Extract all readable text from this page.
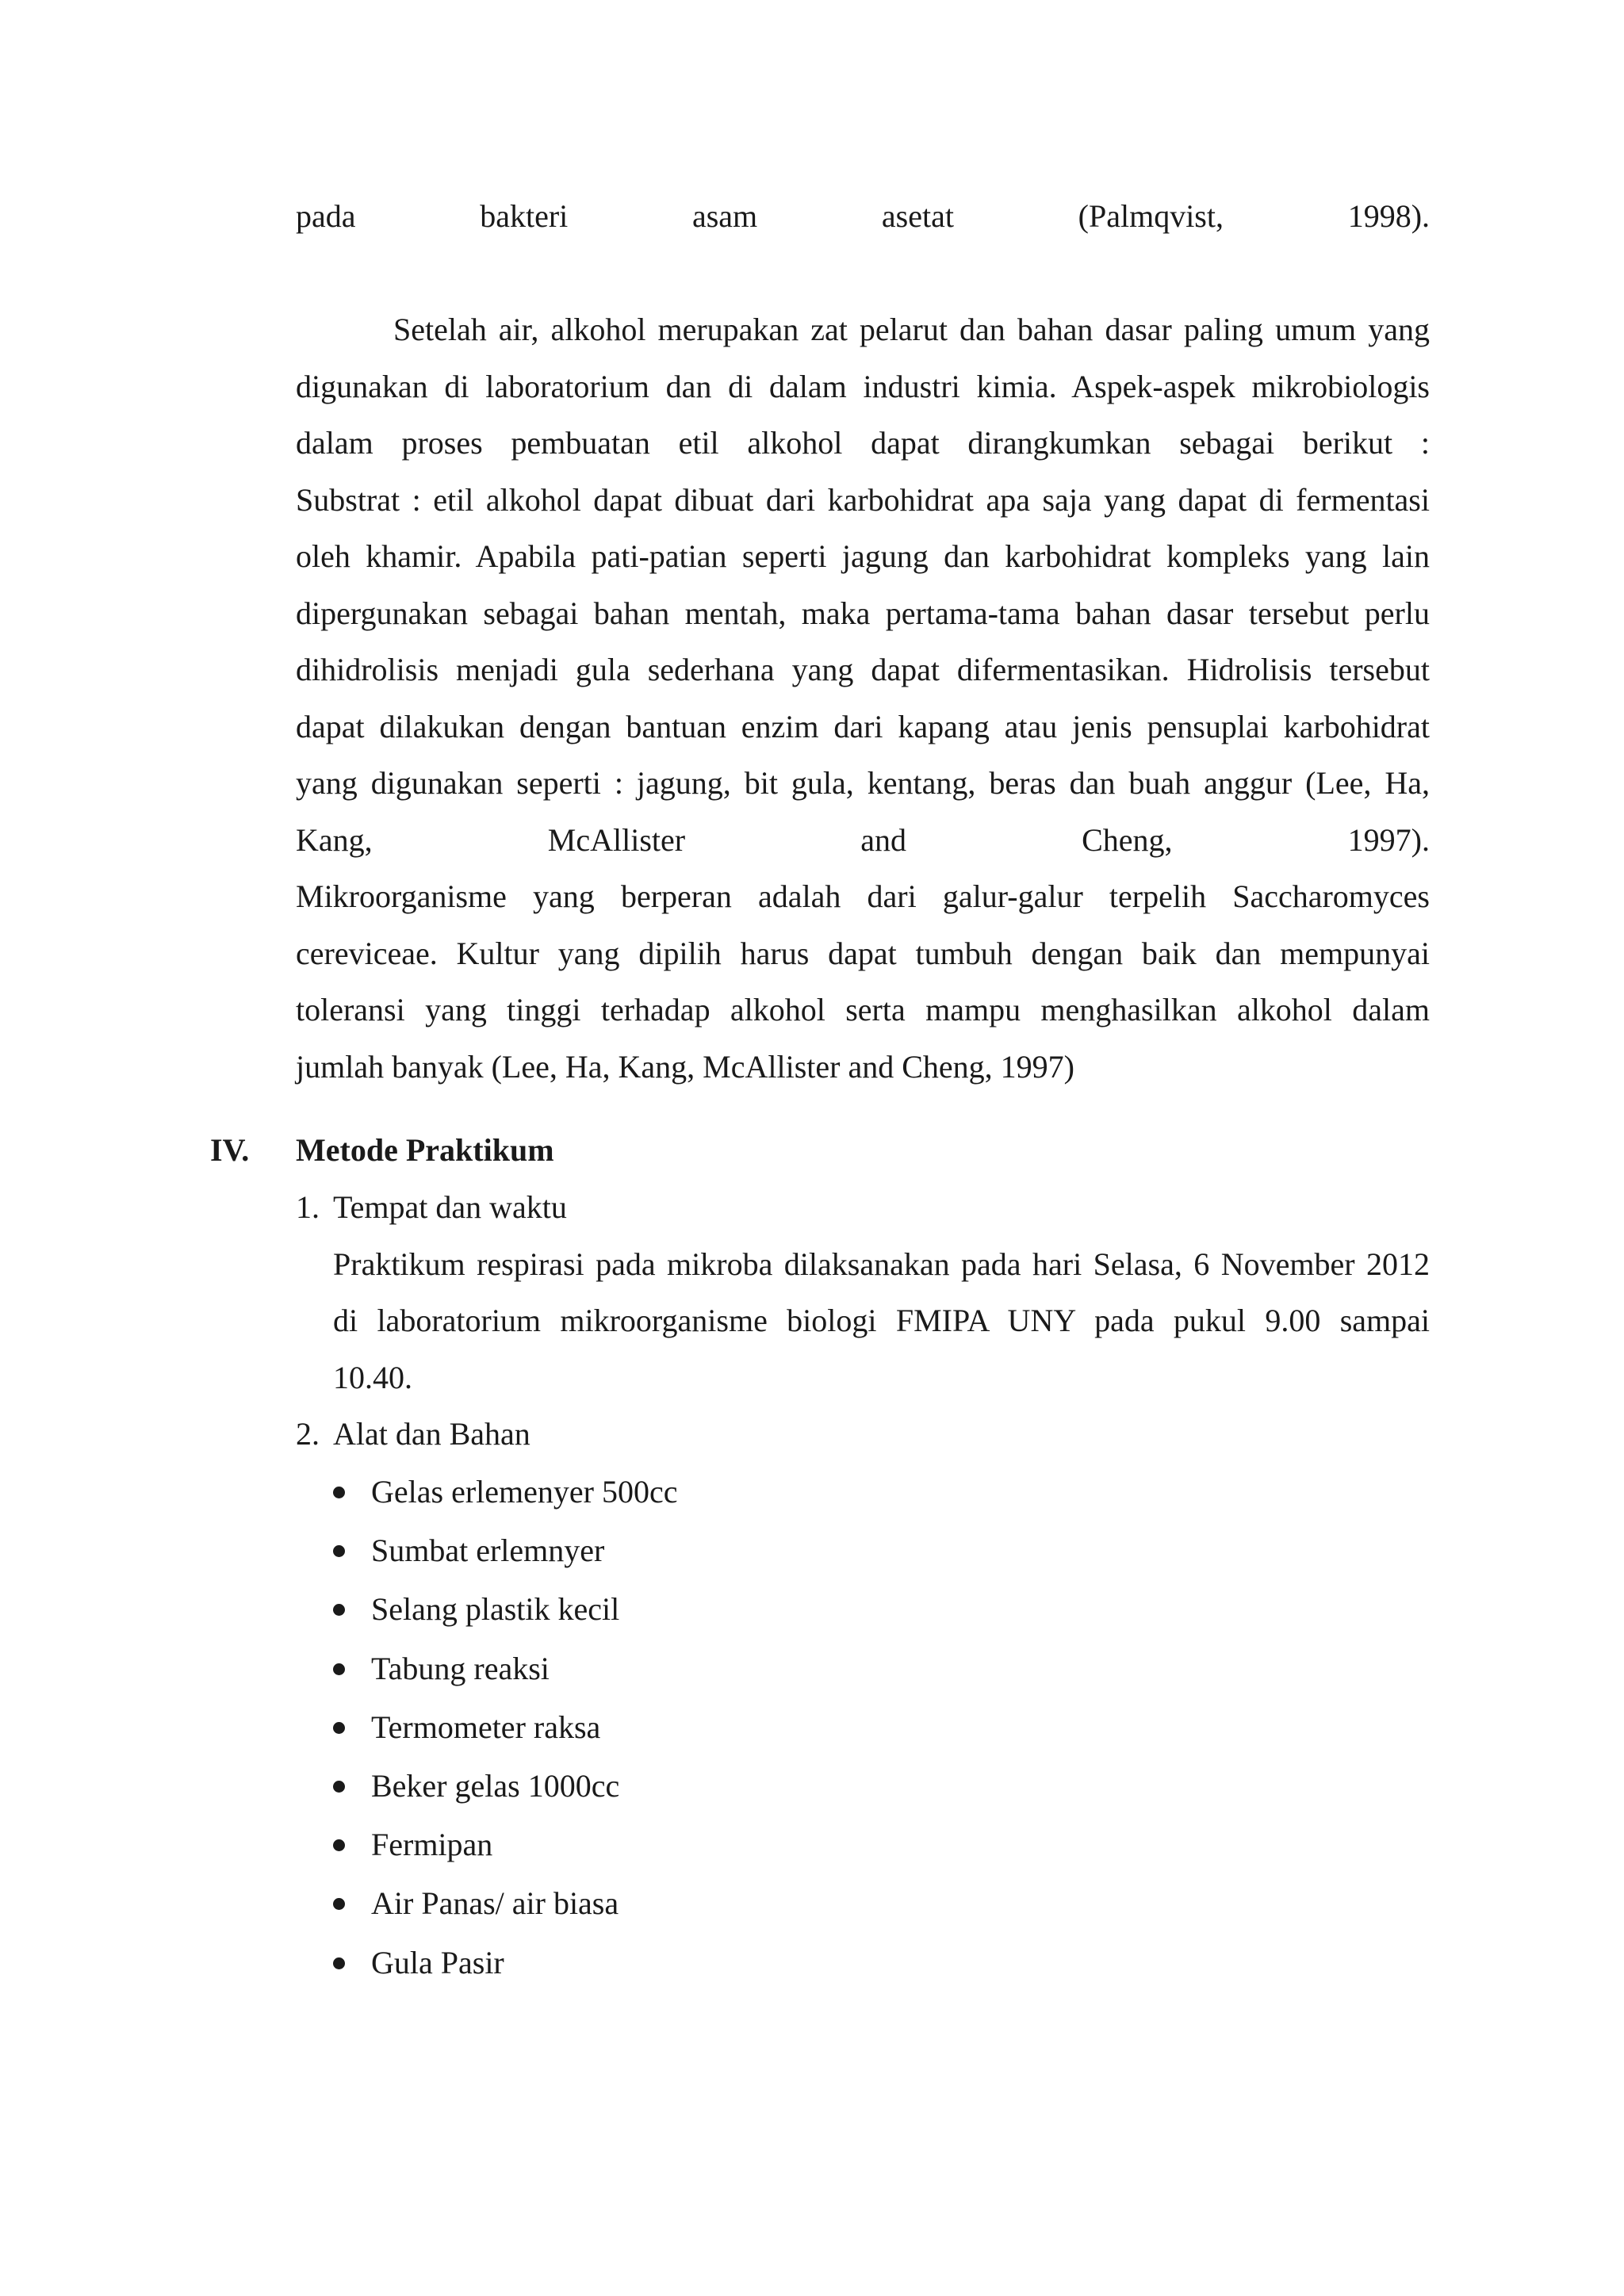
pada	bakteri	asam	asetat	(Palmqvist,	1998).
Setelah air, alkohol merupakan zat pelarut dan bahan dasar paling umum yang
digunakan di laboratorium dan di dalam industri kimia. Aspek-aspek mikrobiologis
dalam proses pembuatan etil alkohol dapat dirangkumkan sebagai berikut :
Substrat : etil alkohol dapat dibuat dari karbohidrat apa saja yang dapat di fermentasi
oleh khamir. Apabila pati-patian seperti jagung dan karbohidrat kompleks yang lain
dipergunakan sebagai bahan mentah, maka pertama-tama bahan dasar tersebut perlu
dihidrolisis menjadi gula sederhana yang dapat difermentasikan. Hidrolisis tersebut
dapat dilakukan dengan bantuan enzim dari kapang atau jenis pensuplai karbohidrat
yang digunakan seperti : jagung, bit gula, kentang, beras dan buah anggur (Lee, Ha,
Kang, McAllister and Cheng, 1997).
Mikroorganisme yang berperan adalah dari galur-galur terpelih Saccharomyces
cereviceae. Kultur yang dipilih harus dapat tumbuh dengan baik dan mempunyai
toleransi yang tinggi terhadap alkohol serta mampu menghasilkan alkohol dalam
jumlah banyak (Lee, Ha, Kang, McAllister and Cheng, 1997)
IV. Metode Praktikum
1. Tempat dan waktu
Praktikum respirasi pada mikroba dilaksanakan pada hari Selasa, 6 November 2012
di laboratorium mikroorganisme biologi FMIPA UNY pada pukul 9.00 sampai
10.40.
2. Alat dan Bahan
Gelas erlemenyer 500cc
Sumbat erlemnyer
Selang plastik kecil
Tabung reaksi
Termometer raksa
Beker gelas 1000cc
Fermipan
Air Panas/ air biasa
Gula Pasir
